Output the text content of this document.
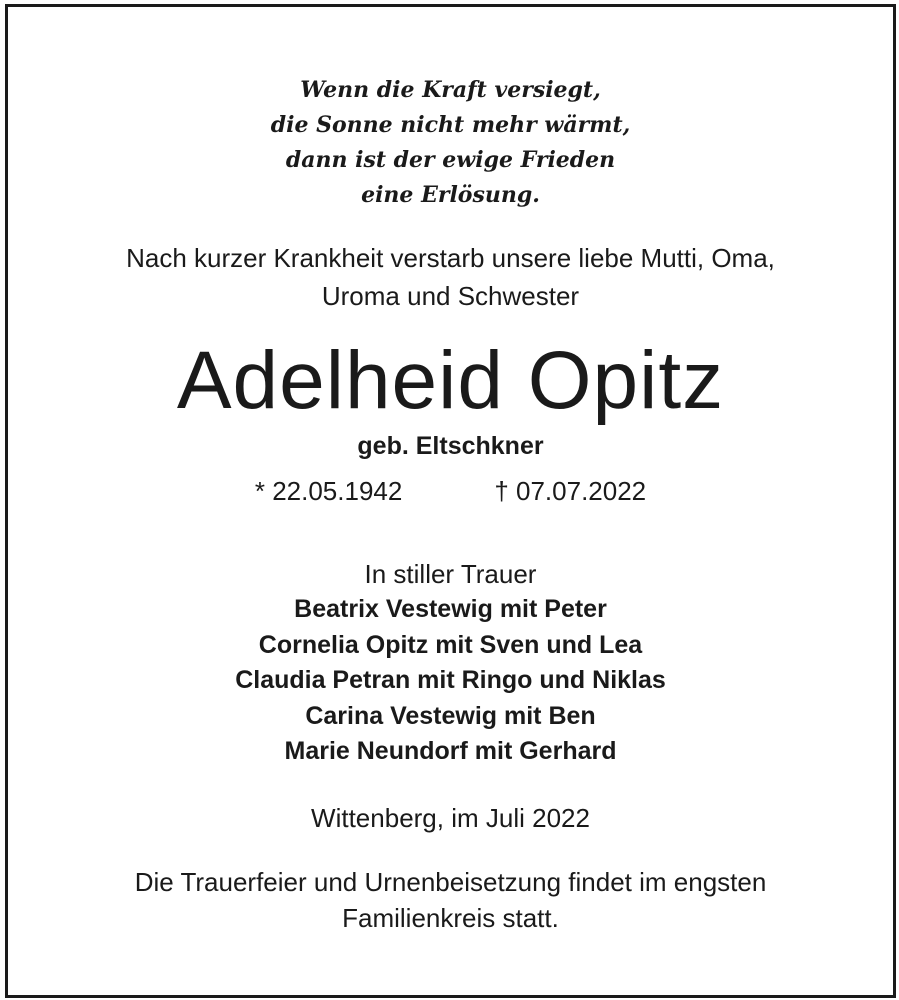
Wenn die Kraft versiegt,
die Sonne nicht mehr wärmt,
dann ist der ewige Frieden
eine Erlösung.
Nach kurzer Krankheit verstarb unsere liebe Mutti, Oma,
Uroma und Schwester
Adelheid Opitz
geb. Eltschkner
* 22.05.1942	† 07.07.2022
In stiller Trauer
Beatrix Vestewig mit Peter
Cornelia Opitz mit Sven und Lea
Claudia Petran mit Ringo und Niklas
Carina Vestewig mit Ben
Marie Neundorf mit Gerhard
Wittenberg, im Juli 2022
Die Trauerfeier und Urnenbeisetzung findet im engsten
Familienkreis statt.
